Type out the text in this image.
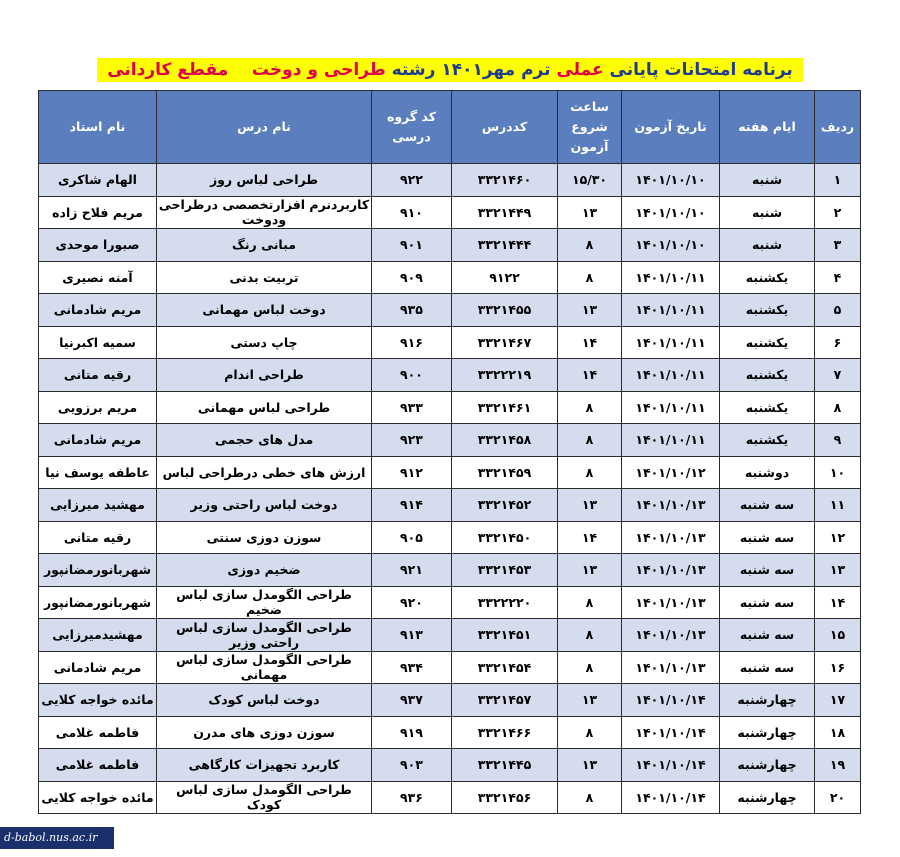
برنامه امتحانات پایانی عملی ترم مهر۱۴۰۱ رشته طراحی و دوخت    مقطع کاردانی
ردیف	ایام هفته	تاریخ آزمون	ساعت شروع آزمون	کددرس	کد گروه درسی	نام درس	نام استاد
۱	شنبه	۱۴۰۱/۱۰/۱۰	۱۵/۳۰	۳۳۲۱۴۶۰	۹۲۲	طراحی لباس روز	الهام شاکری
۲	شنبه	۱۴۰۱/۱۰/۱۰	۱۳	۳۳۲۱۴۴۹	۹۱۰	کاربردنرم افزارتخصصی درطراحی ودوخت	مریم فلاح زاده
۳	شنبه	۱۴۰۱/۱۰/۱۰	۸	۳۳۲۱۴۴۴	۹۰۱	مبانی رنگ	صبورا موحدی
۴	یکشنبه	۱۴۰۱/۱۰/۱۱	۸	۹۱۲۲	۹۰۹	تربیت بدنی	آمنه نصیری
۵	یکشنبه	۱۴۰۱/۱۰/۱۱	۱۳	۳۳۲۱۴۵۵	۹۳۵	دوخت لباس مهمانی	مریم شادمانی
۶	یکشنبه	۱۴۰۱/۱۰/۱۱	۱۴	۳۳۲۱۴۶۷	۹۱۶	چاپ دستی	سمیه اکبرنیا
۷	یکشنبه	۱۴۰۱/۱۰/۱۱	۱۴	۳۳۲۲۲۱۹	۹۰۰	طراحی اندام	رقیه متانی
۸	یکشنبه	۱۴۰۱/۱۰/۱۱	۸	۳۳۲۱۴۶۱	۹۳۳	طراحی لباس مهمانی	مریم برزویی
۹	یکشنبه	۱۴۰۱/۱۰/۱۱	۸	۳۳۲۱۴۵۸	۹۲۳	مدل های حجمی	مریم شادمانی
۱۰	دوشنبه	۱۴۰۱/۱۰/۱۲	۸	۳۳۲۱۴۵۹	۹۱۲	ارزش های خطی درطراحی لباس	عاطفه یوسف نیا
۱۱	سه شنبه	۱۴۰۱/۱۰/۱۳	۱۳	۳۳۲۱۴۵۲	۹۱۴	دوخت لباس راحتی وزیر	مهشید میرزایی
۱۲	سه شنبه	۱۴۰۱/۱۰/۱۳	۱۴	۳۳۲۱۴۵۰	۹۰۵	سوزن دوزی سنتی	رقیه متانی
۱۳	سه شنبه	۱۴۰۱/۱۰/۱۳	۱۳	۳۳۲۱۴۵۳	۹۲۱	ضخیم دوزی	شهربانورمضانپور
۱۴	سه شنبه	۱۴۰۱/۱۰/۱۳	۸	۳۳۲۲۲۲۰	۹۲۰	طراحی الگومدل سازی لباس ضخیم	شهربانورمضانپور
۱۵	سه شنبه	۱۴۰۱/۱۰/۱۳	۸	۳۳۲۱۴۵۱	۹۱۳	طراحی الگومدل سازی لباس راحتی وزیر	مهشیدمیرزایی
۱۶	سه شنبه	۱۴۰۱/۱۰/۱۳	۸	۳۳۲۱۴۵۴	۹۳۴	طراحی الگومدل سازی لباس مهمانی	مریم شادمانی
۱۷	چهارشنبه	۱۴۰۱/۱۰/۱۴	۱۳	۳۳۲۱۴۵۷	۹۳۷	دوخت لباس کودک	مائده خواجه کلایی
۱۸	چهارشنبه	۱۴۰۱/۱۰/۱۴	۸	۳۳۲۱۴۶۶	۹۱۹	سوزن دوزی های مدرن	فاطمه غلامی
۱۹	چهارشنبه	۱۴۰۱/۱۰/۱۴	۱۳	۳۳۲۱۴۴۵	۹۰۳	کاربرد تجهیزات کارگاهی	فاطمه غلامی
۲۰	چهارشنبه	۱۴۰۱/۱۰/۱۴	۸	۳۳۲۱۴۵۶	۹۳۶	طراحی الگومدل سازی لباس کودک	مائده خواجه کلایی
d-babol.nus.ac.ir
